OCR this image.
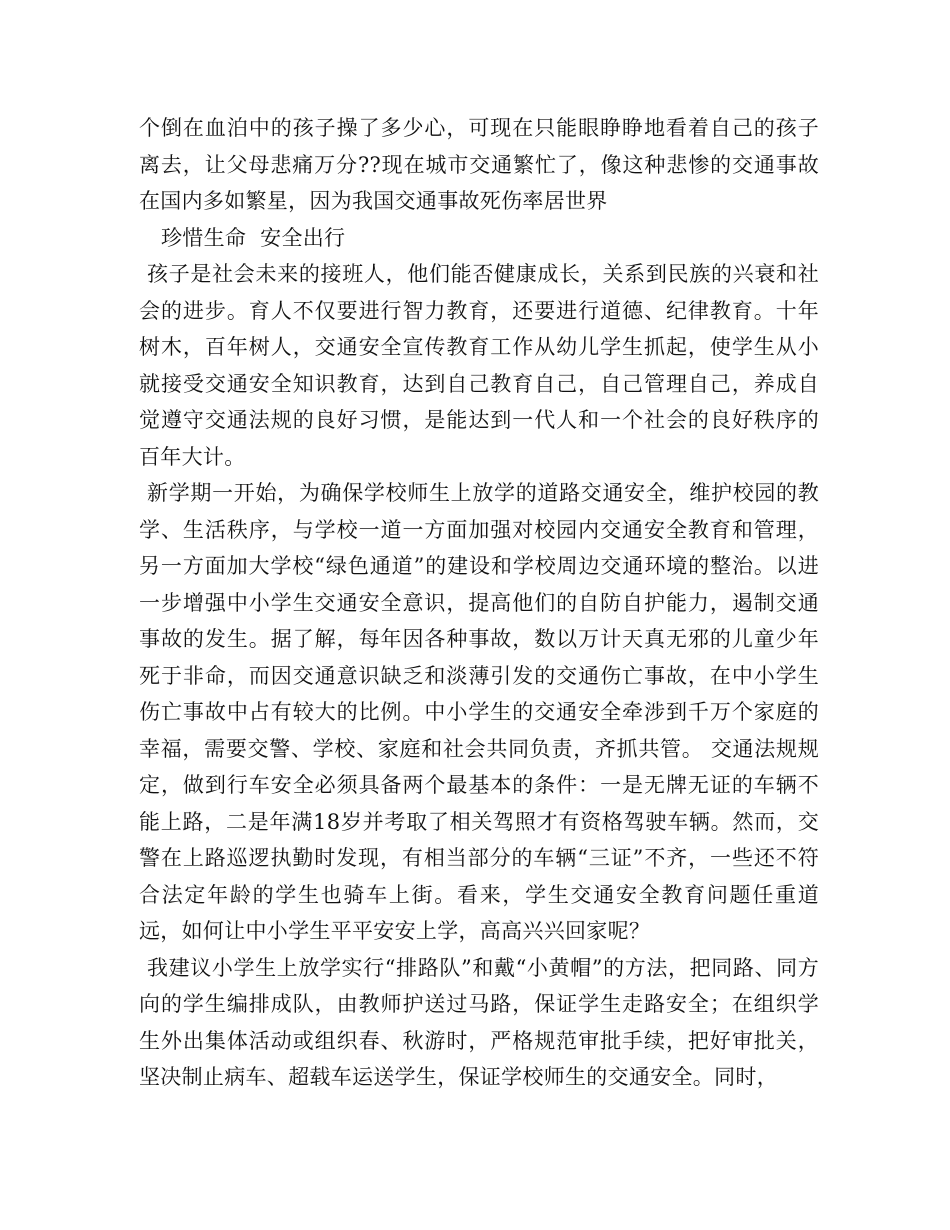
个倒在血泊中的孩子操了多少心，可现在只能眼睁睁地看着自己的孩子离去，让父母悲痛万分??现在城市交通繁忙了，像这种悲惨的交通事故在国内多如繁星，因为我国交通事故死伤率居世界

珍惜生命  安全出行

孩子是社会未来的接班人，他们能否健康成长，关系到民族的兴衰和社会的进步。育人不仅要进行智力教育，还要进行道德、纪律教育。十年树木，百年树人，交通安全宣传教育工作从幼儿学生抓起，使学生从小就接受交通安全知识教育，达到自己教育自己，自己管理自己，养成自觉遵守交通法规的良好习惯，是能达到一代人和一个社会的良好秩序的百年大计。

新学期一开始，为确保学校师生上放学的道路交通安全，维护校园的教学、生活秩序，与学校一道一方面加强对校园内交通安全教育和管理，另一方面加大学校“绿色通道”的建设和学校周边交通环境的整治。以进一步增强中小学生交通安全意识，提高他们的自防自护能力，遏制交通事故的发生。据了解，每年因各种事故，数以万计天真无邪的儿童少年死于非命，而因交通意识缺乏和淡薄引发的交通伤亡事故，在中小学生伤亡事故中占有较大的比例。中小学生的交通安全牵涉到千万个家庭的幸福，需要交警、学校、家庭和社会共同负责，齐抓共管。 交通法规规定，做到行车安全必须具备两个最基本的条件：一是无牌无证的车辆不能上路，二是年满18岁并考取了相关驾照才有资格驾驶车辆。然而，交警在上路巡逻执勤时发现，有相当部分的车辆“三证”不齐，一些还不符合法定年龄的学生也骑车上街。看来，学生交通安全教育问题任重道远，如何让中小学生平平安安上学，高高兴兴回家呢？

我建议小学生上放学实行“排路队”和戴“小黄帽”的方法，把同路、同方向的学生编排成队，由教师护送过马路，保证学生走路安全；在组织学生外出集体活动或组织春、秋游时，严格规范审批手续，把好审批关，坚决制止病车、超载车运送学生，保证学校师生的交通安全。同时，
